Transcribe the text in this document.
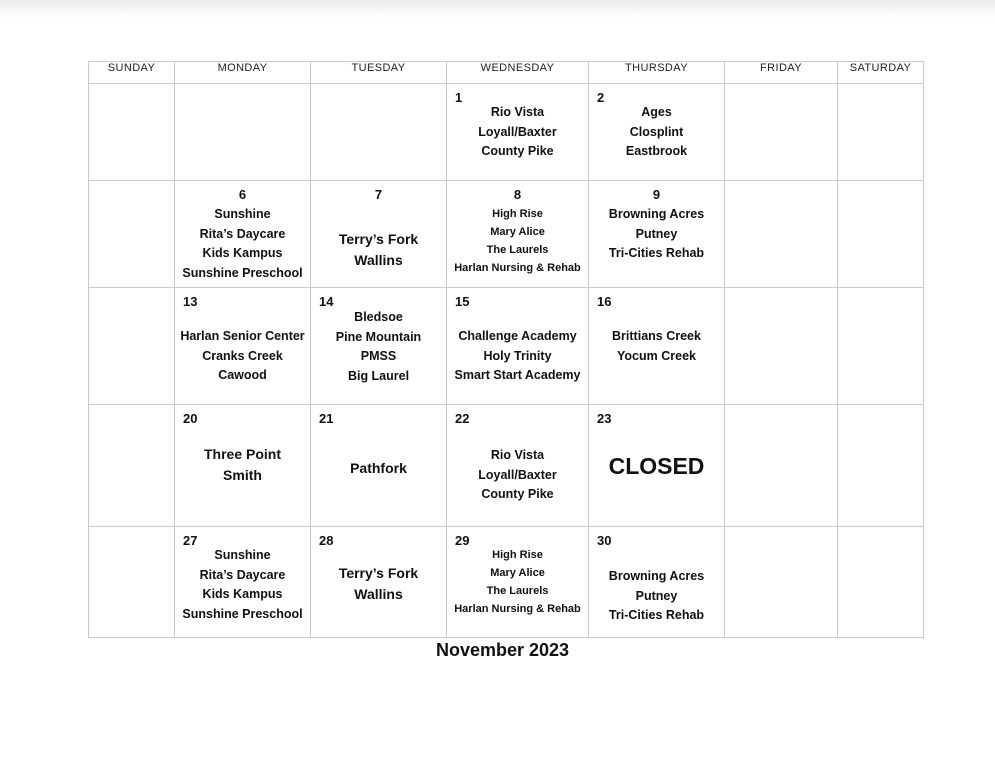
SUNDAY	MONDAY	TUESDAY	WEDNESDAY	THURSDAY	FRIDAY	SATURDAY

			1
Rio Vista
Loyall/Baxter
County Pike	2
Ages
Closplint
Eastbrook		

	6
Sunshine
Rita’s Daycare
Kids Kampus
Sunshine Preschool	7
Terry’s Fork
Wallins	8
High Rise
Mary Alice
The Laurels
Harlan Nursing & Rehab	9
Browning Acres
Putney
Tri-Cities Rehab		

	13
Harlan Senior Center
Cranks Creek
Cawood	14
Bledsoe
Pine Mountain
PMSS
Big Laurel	15
Challenge Academy
Holy Trinity
Smart Start Academy	16
Brittians Creek
Yocum Creek		

	20
Three Point
Smith	21
Pathfork	22
Rio Vista
Loyall/Baxter
County Pike	23
CLOSED		

	27
Sunshine
Rita’s Daycare
Kids Kampus
Sunshine Preschool	28
Terry’s Fork
Wallins	29
High Rise
Mary Alice
The Laurels
Harlan Nursing & Rehab	30
Browning Acres
Putney
Tri-Cities Rehab		

November 2023
